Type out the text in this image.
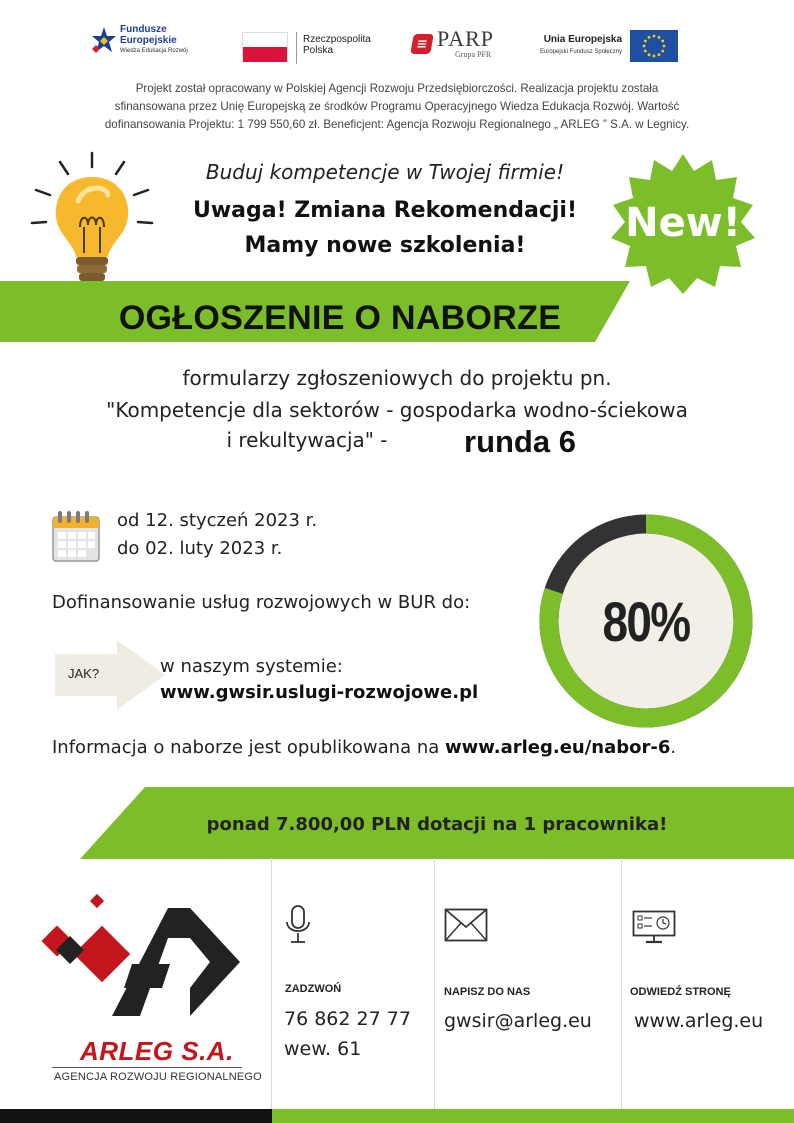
Fundusze
Europejskie
Wiedza Edukacja Rozwój
Rzeczpospolita
Polska	≡ PARP
Grupa PFR
Unia Europejska
Europejski Fundusz Społeczny
Projekt został opracowany w Polskiej Agencji Rozwoju Przedsiębiorczości. Realizacja projektu została
sfinansowana przez Unię Europejską ze środków Programu Operacyjnego Wiedza Edukacja Rozwój. Wartość
dofinansowania Projektu: 1 799 550,60 zł. Beneficjent: Agencja Rozwoju Regionalnego „ ARLEG ” S.A. w Legnicy.
Buduj kompetencje w Twojej firmie!
Uwaga! Zmiana Rekomendacji!
Mamy nowe szkolenia!	New!
OGŁOSZENIE O NABORZE
formularzy zgłoszeniowych do projektu pn.
"Kompetencje dla sektorów - gospodarka wodno-ściekowa
i rekultywacja" -	runda 6
od 12. styczeń 2023 r.
do 02. luty 2023 r.
Dofinansowanie usług rozwojowych w BUR do:	80%
JAK?	w naszym systemie:
www.gwsir.uslugi-rozwojowe.pl
Informacja o naborze jest opublikowana na www.arleg.eu/nabor-6.
ponad 7.800,00 PLN dotacji na 1 pracownika!
ARLEG S.A.
AGENCJA ROZWOJU REGIONALNEGO
ZADZWOŃ
76 862 27 77
wew. 61
NAPISZ DO NAS
gwsir@arleg.eu
ODWIEDŹ STRONĘ
www.arleg.eu
